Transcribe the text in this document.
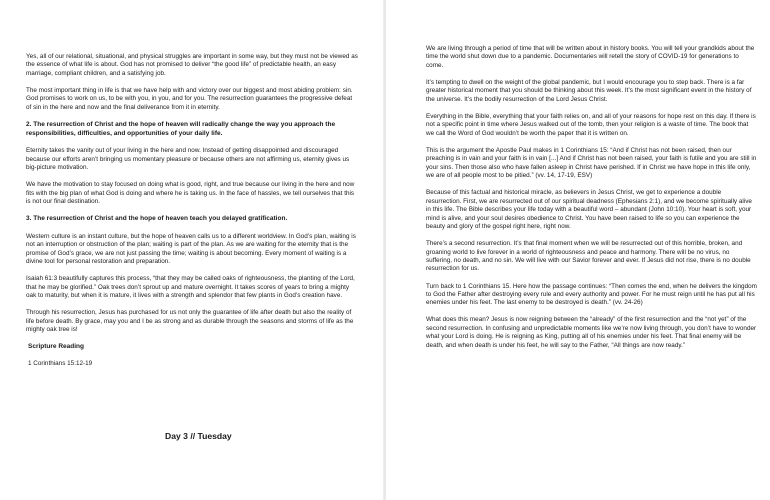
Yes, all of our relational, situational, and physical struggles are important in some way, but they must not be viewed as the essence of what life is about. God has not promised to deliver “the good life” of predictable health, an easy marriage, compliant children, and a satisfying job.

The most important thing in life is that we have help with and victory over our biggest and most abiding problem: sin. God promises to work on us, to be with you, in you, and for you. The resurrection guarantees the progressive defeat of sin in the here and now and the final deliverance from it in eternity.

2. The resurrection of Christ and the hope of heaven will radically change the way you approach the responsibilities, difficulties, and opportunities of your daily life.

Eternity takes the vanity out of your living in the here and now. Instead of getting disappointed and discouraged because our efforts aren’t bringing us momentary pleasure or because others are not affirming us, eternity gives us big-picture motivation.

We have the motivation to stay focused on doing what is good, right, and true because our living in the here and now fits with the big plan of what God is doing and where he is taking us. In the face of hassles, we tell ourselves that this is not our final destination.

3. The resurrection of Christ and the hope of heaven teach you delayed gratification.

Western culture is an instant culture, but the hope of heaven calls us to a different worldview. In God’s plan, waiting is not an interruption or obstruction of the plan; waiting is part of the plan. As we are waiting for the eternity that is the promise of God’s grace, we are not just passing the time; waiting is about becoming. Every moment of waiting is a divine tool for personal restoration and preparation.

Isaiah 61:3 beautifully captures this process, “that they may be called oaks of righteousness, the planting of the Lord, that he may be glorified.” Oak trees don’t sprout up and mature overnight. It takes scores of years to bring a mighty oak to maturity, but when it is mature, it lives with a strength and splendor that few plants in God’s creation have.

Through his resurrection, Jesus has purchased for us not only the guarantee of life after death but also the reality of life before death. By grace, may you and I be as strong and as durable through the seasons and storms of life as the mighty oak tree is!

Scripture Reading
1 Corinthians 15:12-19
Day 3 // Tuesday

We are living through a period of time that will be written about in history books. You will tell your grandkids about the time the world shut down due to a pandemic. Documentaries will retell the story of COVID-19 for generations to come.

It’s tempting to dwell on the weight of the global pandemic, but I would encourage you to step back. There is a far greater historical moment that you should be thinking about this week. It’s the most significant event in the history of the universe. It’s the bodily resurrection of the Lord Jesus Christ.

Everything in the Bible, everything that your faith relies on, and all of your reasons for hope rest on this day. If there is not a specific point in time where Jesus walked out of the tomb, then your religion is a waste of time. The book that we call the Word of God wouldn’t be worth the paper that it is written on.

This is the argument the Apostle Paul makes in 1 Corinthians 15: “And if Christ has not been raised, then our preaching is in vain and your faith is in vain [...] And if Christ has not been raised, your faith is futile and you are still in your sins. Then those also who have fallen asleep in Christ have perished. If in Christ we have hope in this life only, we are of all people most to be pitied.” (vv. 14, 17-19, ESV)

Because of this factual and historical miracle, as believers in Jesus Christ, we get to experience a double resurrection. First, we are resurrected out of our spiritual deadness (Ephesians 2:1), and we become spiritually alive in this life. The Bible describes your life today with a beautiful word – abundant (John 10:10). Your heart is soft, your mind is alive, and your soul desires obedience to Christ. You have been raised to life so you can experience the beauty and glory of the gospel right here, right now.

There’s a second resurrection. It’s that final moment when we will be resurrected out of this horrible, broken, and groaning world to live forever in a world of righteousness and peace and harmony. There will be no virus, no suffering, no death, and no sin. We will live with our Savior forever and ever. If Jesus did not rise, there is no double resurrection for us.

Turn back to 1 Corinthians 15. Here how the passage continues: “Then comes the end, when he delivers the kingdom to God the Father after destroying every rule and every authority and power. For he must reign until he has put all his enemies under his feet. The last enemy to be destroyed is death.” (vv. 24-26)

What does this mean? Jesus is now reigning between the “already” of the first resurrection and the “not yet” of the second resurrection. In confusing and unpredictable moments like we’re now living through, you don’t have to wonder what your Lord is doing. He is reigning as King, putting all of his enemies under his feet. That final enemy will be death, and when death is under his feet, he will say to the Father, “All things are now ready.”
